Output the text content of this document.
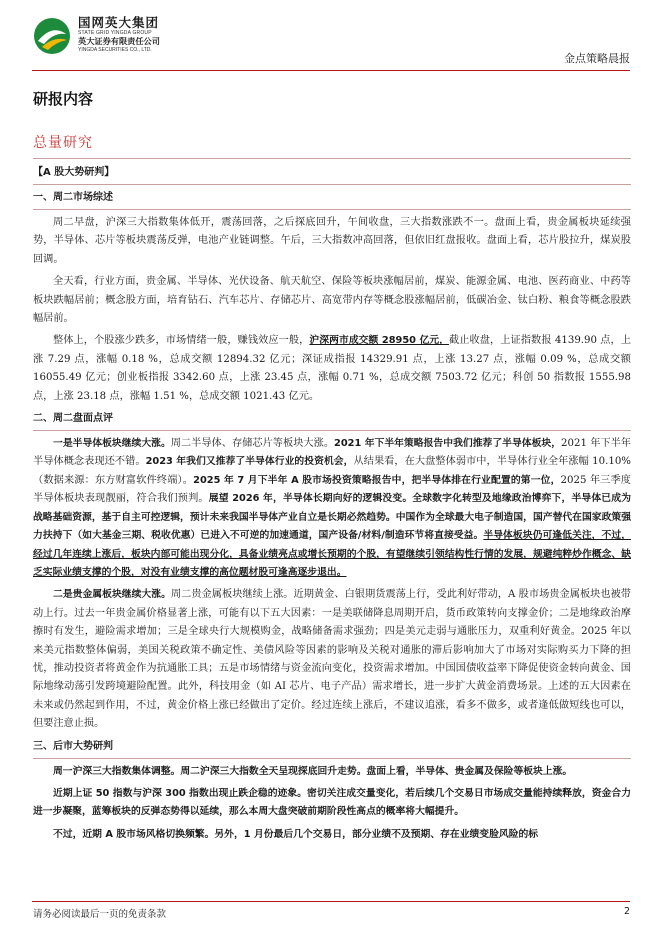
国网英大集团
STATE GRID YINGDA GROUP
英大证券有限责任公司
YINGDA SECURITIES CO., LTD.
金点策略晨报
研报内容
总量研究
【A 股大势研判】
一、周二市场综述

周二早盘，沪深三大指数集体低开，震荡回落，之后探底回升，午间收盘，三大指数涨跌不一。盘面上看，贵金属板块延续强势，半导体、芯片等板块震荡反弹，电池产业链调整。午后，三大指数冲高回落，但依旧红盘报收。盘面上看，芯片股拉升，煤炭股回调。

全天看，行业方面，贵金属、半导体、光伏设备、航天航空、保险等板块涨幅居前，煤炭、能源金属、电池、医药商业、中药等板块跌幅居前；概念股方面，培育钻石、汽车芯片、存储芯片、高宽带内存等概念股涨幅居前，低碳冶金、钛白粉、粮食等概念股跌幅居前。

整体上，个股涨少跌多，市场情绪一般，赚钱效应一般，沪深两市成交额 28950 亿元，截止收盘，上证指数报 4139.90 点，上涨 7.29 点，涨幅 0.18 %，总成交额 12894.32 亿元；深证成指报 14329.91 点，上涨 13.27 点，涨幅 0.09 %，总成交额 16055.49 亿元；创业板指报 3342.60 点，上涨 23.45 点，涨幅 0.71 %，总成交额 7503.72 亿元；科创 50 指数报 1555.98 点，上涨 23.18 点，涨幅 1.51 %，总成交额 1021.43 亿元。

二、周二盘面点评

一是半导体板块继续大涨。周二半导体、存储芯片等板块大涨。2021 年下半年策略报告中我们推荐了半导体板块，2021 年下半年半导体概念表现还不错。2023 年我们又推荐了半导体行业的投资机会，从结果看，在大盘整体弱市中，半导体行业全年涨幅 10.10%（数据来源：东方财富软件终端）。2025 年 7 月下半年 A 股市场投资策略报告中，把半导体排在行业配置的第一位，2025 年三季度半导体板块表现靓丽，符合我们预判。展望 2026 年，半导体长期向好的逻辑没变。全球数字化转型及地缘政治博弈下，半导体已成为战略基础资源，基于自主可控逻辑，预计未来我国半导体产业自立是长期必然趋势。中国作为全球最大电子制造国，国产替代在国家政策强力扶持下（如大基金三期、税收优惠）已进入不可逆的加速通道，国产设备/材料/制造环节将直接受益。半导体板块仍可逢低关注，不过，经过几年连续上涨后，板块内部可能出现分化，具备业绩亮点或增长预期的个股，有望继续引领结构性行情的发展，规避纯粹炒作概念、缺乏实际业绩支撑的个股，对没有业绩支撑的高位题材股可逢高逐步退出。

二是贵金属板块继续大涨。周二贵金属板块继续上涨。近期黄金、白银期货震荡上行，受此利好带动，A 股市场贵金属板块也被带动上行。过去一年贵金属价格显著上涨，可能有以下五大因素：一是美联储降息周期开启，货币政策转向支撑金价；二是地缘政治摩擦时有发生，避险需求增加；三是全球央行大规模购金，战略储备需求强劲；四是美元走弱与通胀压力，双重利好黄金。2025 年以来美元指数整体偏弱，美国关税政策不确定性、美债风险等因素的影响及关税对通胀的滞后影响加大了市场对实际购买力下降的担忧，推动投资者将黄金作为抗通胀工具；五是市场情绪与资金流向变化，投资需求增加。中国国债收益率下降促使资金转向黄金、国际地缘动荡引发跨境避险配置。此外，科技用金（如 AI 芯片、电子产品）需求增长，进一步扩大黄金消费场景。上述的五大因素在未来或仍然起到作用，不过，黄金价格上涨已经做出了定价。经过连续上涨后，不建议追涨，看多不做多，或者逢低做短线也可以，但要注意止损。

三、后市大势研判

周一沪深三大指数集体调整。周二沪深三大指数全天呈现探底回升走势。盘面上看，半导体、贵金属及保险等板块上涨。

近期上证 50 指数与沪深 300 指数出现止跌企稳的迹象。密切关注成交量变化，若后续几个交易日市场成交量能持续释放，资金合力进一步凝聚，蓝筹板块的反弹态势得以延续，那么本周大盘突破前期阶段性高点的概率将大幅提升。

不过，近期 A 股市场风格切换频繁。另外，1 月份最后几个交易日，部分业绩不及预期、存在业绩变脸风险的标

请务必阅读最后一页的免责条款	2
